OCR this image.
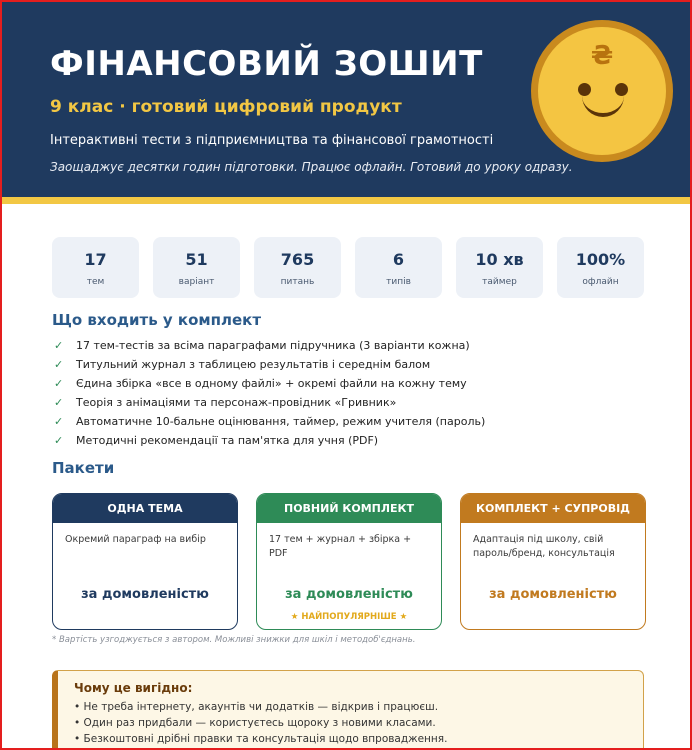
ФІНАНСОВИЙ ЗОШИТ
9 клас · готовий цифровий продукт
Інтерактивні тести з підприємництва та фінансової грамотності
Заощаджує десятки годин підготовки. Працює офлайн. Готовий до уроку одразу.
₴
17
тем
51
варіант
765
питань
6
типів
10 хв
таймер
100%
офлайн
Що входить у комплект
✓ 17 тем-тестів за всіма параграфами підручника (3 варіанти кожна)
✓ Титульний журнал з таблицею результатів і середнім балом
✓ Єдина збірка «все в одному файлі» + окремі файли на кожну тему
✓ Теорія з анімаціями та персонаж-провідник «Гривник»
✓ Автоматичне 10-бальне оцінювання, таймер, режим учителя (пароль)
✓ Методичні рекомендації та пам'ятка для учня (PDF)
Пакети
ОДНА ТЕМА
Окремий параграф на вибір
за домовленістю
ПОВНИЙ КОМПЛЕКТ
17 тем + журнал + збірка + PDF
за домовленістю
★ НАЙПОПУЛЯРНІШЕ ★
КОМПЛЕКТ + СУПРОВІД
Адаптація під школу, свій пароль/бренд, консультація
за домовленістю
* Вартість узгоджується з автором. Можливі знижки для шкіл і методоб'єднань.
Чому це вигідно:
• Не треба інтернету, акаунтів чи додатків — відкрив і працюєш.
• Один раз придбали — користуєтесь щороку з новими класами.
• Безкоштовні дрібні правки та консультація щодо впровадження.
